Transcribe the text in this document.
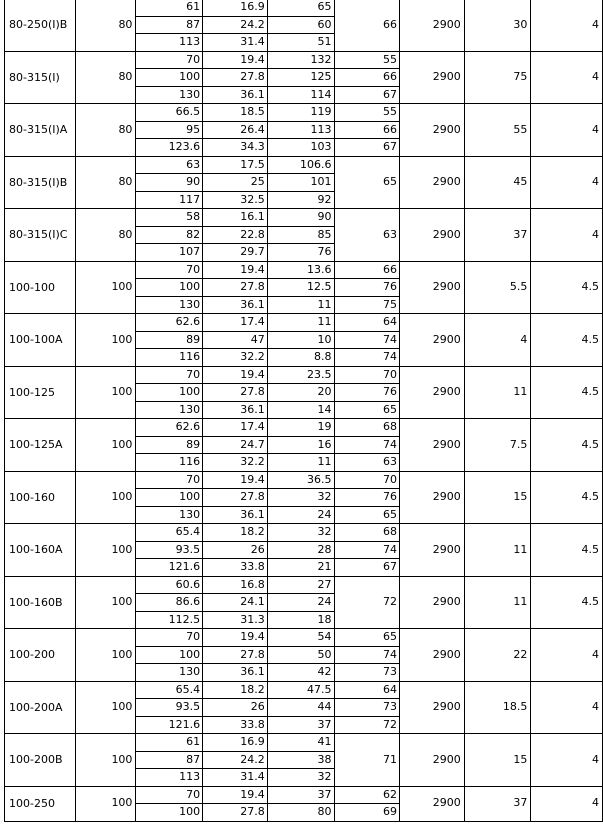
80-250(I)B	80	61	16.9	65	66	2900	30	4
		87	24.2	60				
		113	31.4	51				
80-315(I)	80	70	19.4	132	55	2900	75	4
		100	27.8	125	66			
		130	36.1	114	67			
80-315(I)A	80	66.5	18.5	119	55	2900	55	4
		95	26.4	113	66			
		123.6	34.3	103	67			
80-315(I)B	80	63	17.5	106.6	65	2900	45	4
		90	25	101				
		117	32.5	92				
80-315(I)C	80	58	16.1	90	63	2900	37	4
		82	22.8	85				
		107	29.7	76				
100-100	100	70	19.4	13.6	66	2900	5.5	4.5
		100	27.8	12.5	76			
		130	36.1	11	75			
100-100A	100	62.6	17.4	11	64	2900	4	4.5
		89	47	10	74			
		116	32.2	8.8	74			
100-125	100	70	19.4	23.5	70	2900	11	4.5
		100	27.8	20	76			
		130	36.1	14	65			
100-125A	100	62.6	17.4	19	68	2900	7.5	4.5
		89	24.7	16	74			
		116	32.2	11	63			
100-160	100	70	19.4	36.5	70	2900	15	4.5
		100	27.8	32	76			
		130	36.1	24	65			
100-160A	100	65.4	18.2	32	68	2900	11	4.5
		93.5	26	28	74			
		121.6	33.8	21	67			
100-160B	100	60.6	16.8	27	72	2900	11	4.5
		86.6	24.1	24				
		112.5	31.3	18				
100-200	100	70	19.4	54	65	2900	22	4
		100	27.8	50	74			
		130	36.1	42	73			
100-200A	100	65.4	18.2	47.5	64	2900	18.5	4
		93.5	26	44	73			
		121.6	33.8	37	72			
100-200B	100	61	16.9	41	71	2900	15	4
		87	24.2	38				
		113	31.4	32				
100-250	100	70	19.4	37	62	2900	37	4
		100	27.8	80	69			
